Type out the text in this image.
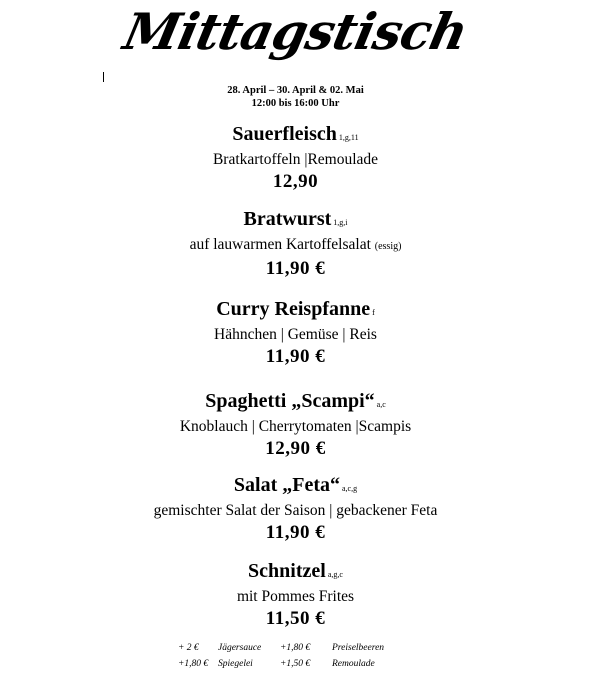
Mittagstisch
28. April – 30. April & 02. Mai
12:00 bis 16:00 Uhr
Sauerfleisch 1,g,11
Bratkartoffeln |Remoulade
12,90
Bratwurst 1,g,i
auf lauwarmen Kartoffelsalat (essig)
11,90 €
Curry Reispfanne f
Hähnchen | Gemüse | Reis
11,90 €
Spaghetti „Scampi“ a,c
Knoblauch | Cherrytomaten |Scampis
12,90 €
Salat „Feta“ a,c,g
gemischter Salat der Saison | gebackener Feta
11,90 €
Schnitzel a,g,c
mit Pommes Frites
11,50 €
+ 2 €	Jägersauce	+1,80 €	Preiselbeeren
+1,80 €	Spiegelei	+1,50 €	Remoulade
